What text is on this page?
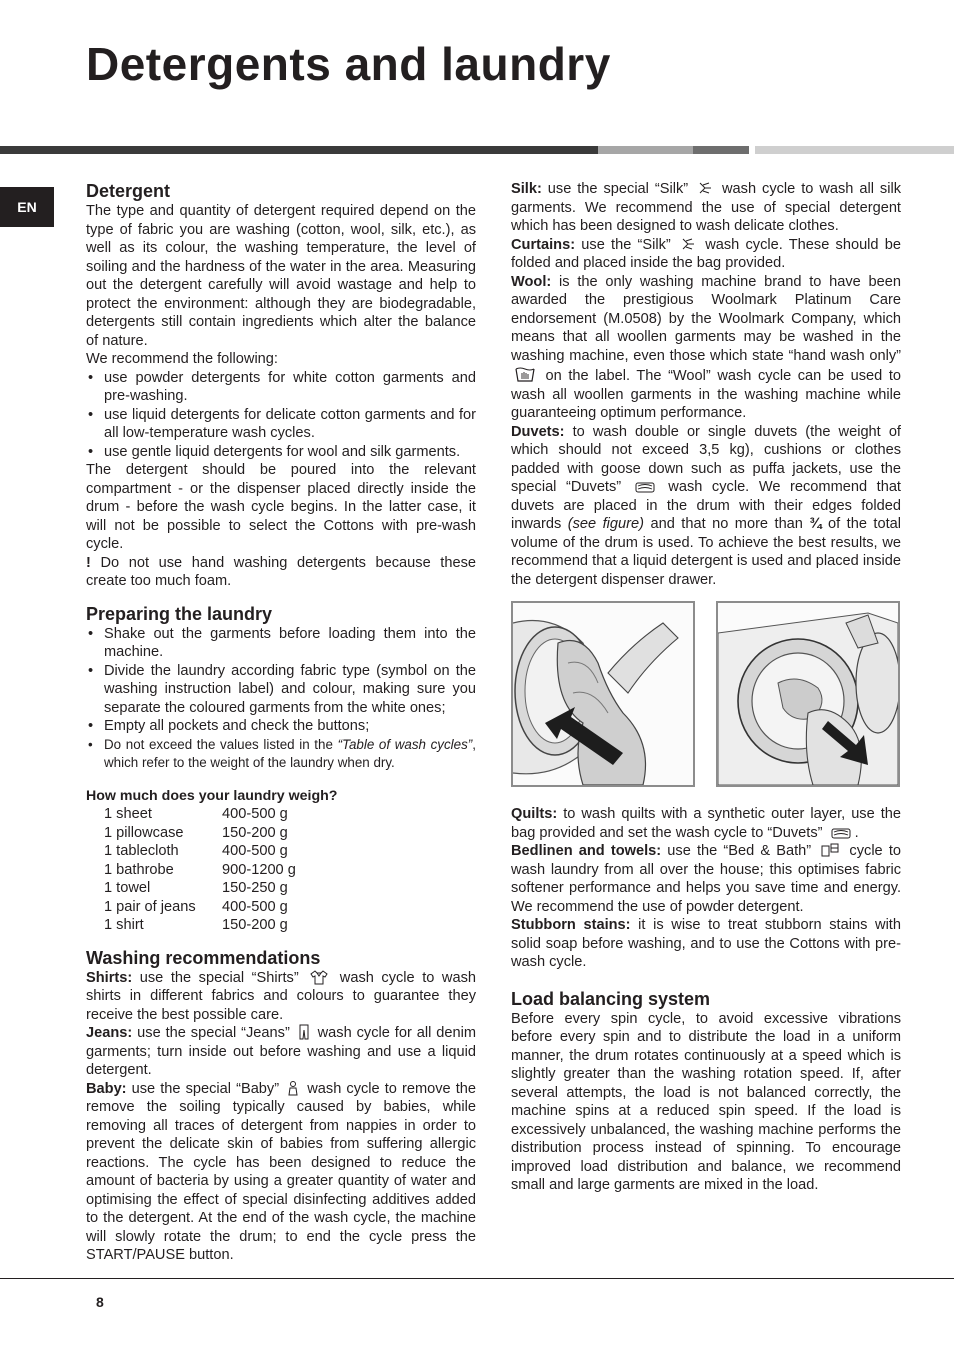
Detergents and laundry
EN
Detergent

The type and quantity of detergent required depend on the type of fabric you are washing (cotton, wool, silk, etc.), as well as its colour, the washing temperature, the level of soiling and the hardness of the water in the area. Measuring out the detergent carefully will avoid wastage and help to protect the environment: although they are biodegradable, detergents still contain ingredients which alter the balance of nature.

We recommend the following:

• use powder detergents for white cotton garments and pre-washing.
• use liquid detergents for delicate cotton garments and for all low-temperature wash cycles.
• use gentle liquid detergents for wool and silk garments.

The detergent should be poured into the relevant compartment - or the dispenser placed directly inside the drum - before the wash cycle begins. In the latter case, it will not be possible to select the Cottons with pre-wash cycle.

! Do not use hand washing detergents because these create too much foam.

Preparing the laundry
• Shake out the garments before loading them into the machine.
• Divide the laundry according fabric type (symbol on the washing instruction label) and colour, making sure you separate the coloured garments from the white ones;
• Empty all pockets and check the buttons;
• Do not exceed the values listed in the “Table of wash cycles”, which refer to the weight of the laundry when dry.
How much does your laundry weigh?
1 sheet	400-500 g
1 pillowcase	150-200 g
1 tablecloth	400-500 g
1 bathrobe	900-1200 g
1 towel	150-250 g
1 pair of jeans	400-500 g
1 shirt	150-200 g
Washing recommendations

Shirts: use the special “Shirts”  wash cycle to wash shirts in different fabrics and colours to guarantee they receive the best possible care.

Jeans: use the special “Jeans”  wash cycle for all denim garments; turn inside out before washing and use a liquid detergent.

Baby: use the special “Baby”  wash cycle to remove the remove the soiling typically caused by babies, while removing all traces of detergent from nappies in order to prevent the delicate skin of babies from suffering allergic reactions. The cycle has been designed to reduce the amount of bacteria by using a greater quantity of water and optimising the effect of special disinfecting additives added to the detergent. At the end of the wash cycle, the machine will slowly rotate the drum; to end the cycle press the START/PAUSE button.

Silk: use the special “Silk”  wash cycle to wash all silk garments. We recommend the use of special detergent which has been designed to wash delicate clothes.

Curtains: use the “Silk”  wash cycle. These should be folded and placed inside the bag provided.

Wool: is the only washing machine brand to have been awarded the prestigious Woolmark Platinum Care endorsement (M.0508) by the Woolmark Company, which means that all woollen garments may be washed in the washing machine, even those which state “hand wash only”  on the label. The “Wool” wash cycle can be used to wash all woollen garments in the washing machine while guaranteeing optimum performance.

Duvets: to wash double or single duvets (the weight of which should not exceed 3,5 kg), cushions or clothes padded with goose down such as puffa jackets, use the special “Duvets”  wash cycle. We recommend that duvets are placed in the drum with their edges folded inwards (see figure) and that no more than ¾ of the total volume of the drum is used. To achieve the best results, we recommend that a liquid detergent is used and placed inside the detergent dispenser drawer.

Quilts: to wash quilts with a synthetic outer layer, use the bag provided and set the wash cycle to “Duvets” .

Bedlinen and towels: use the “Bed & Bath”  cycle to wash laundry from all over the house; this optimises fabric softener performance and helps you save time and energy. We recommend the use of powder detergent.

Stubborn stains: it is wise to treat stubborn stains with solid soap before washing, and to use the Cottons with pre-wash cycle.

Load balancing system

Before every spin cycle, to avoid excessive vibrations before every spin and to distribute the load in a uniform manner, the drum rotates continuously at a speed which is slightly greater than the washing rotation speed. If, after several attempts, the load is not balanced correctly, the machine spins at a reduced spin speed. If the load is excessively unbalanced, the washing machine performs the distribution process instead of spinning. To encourage improved load distribution and balance, we recommend small and large garments are mixed in the load.

8
